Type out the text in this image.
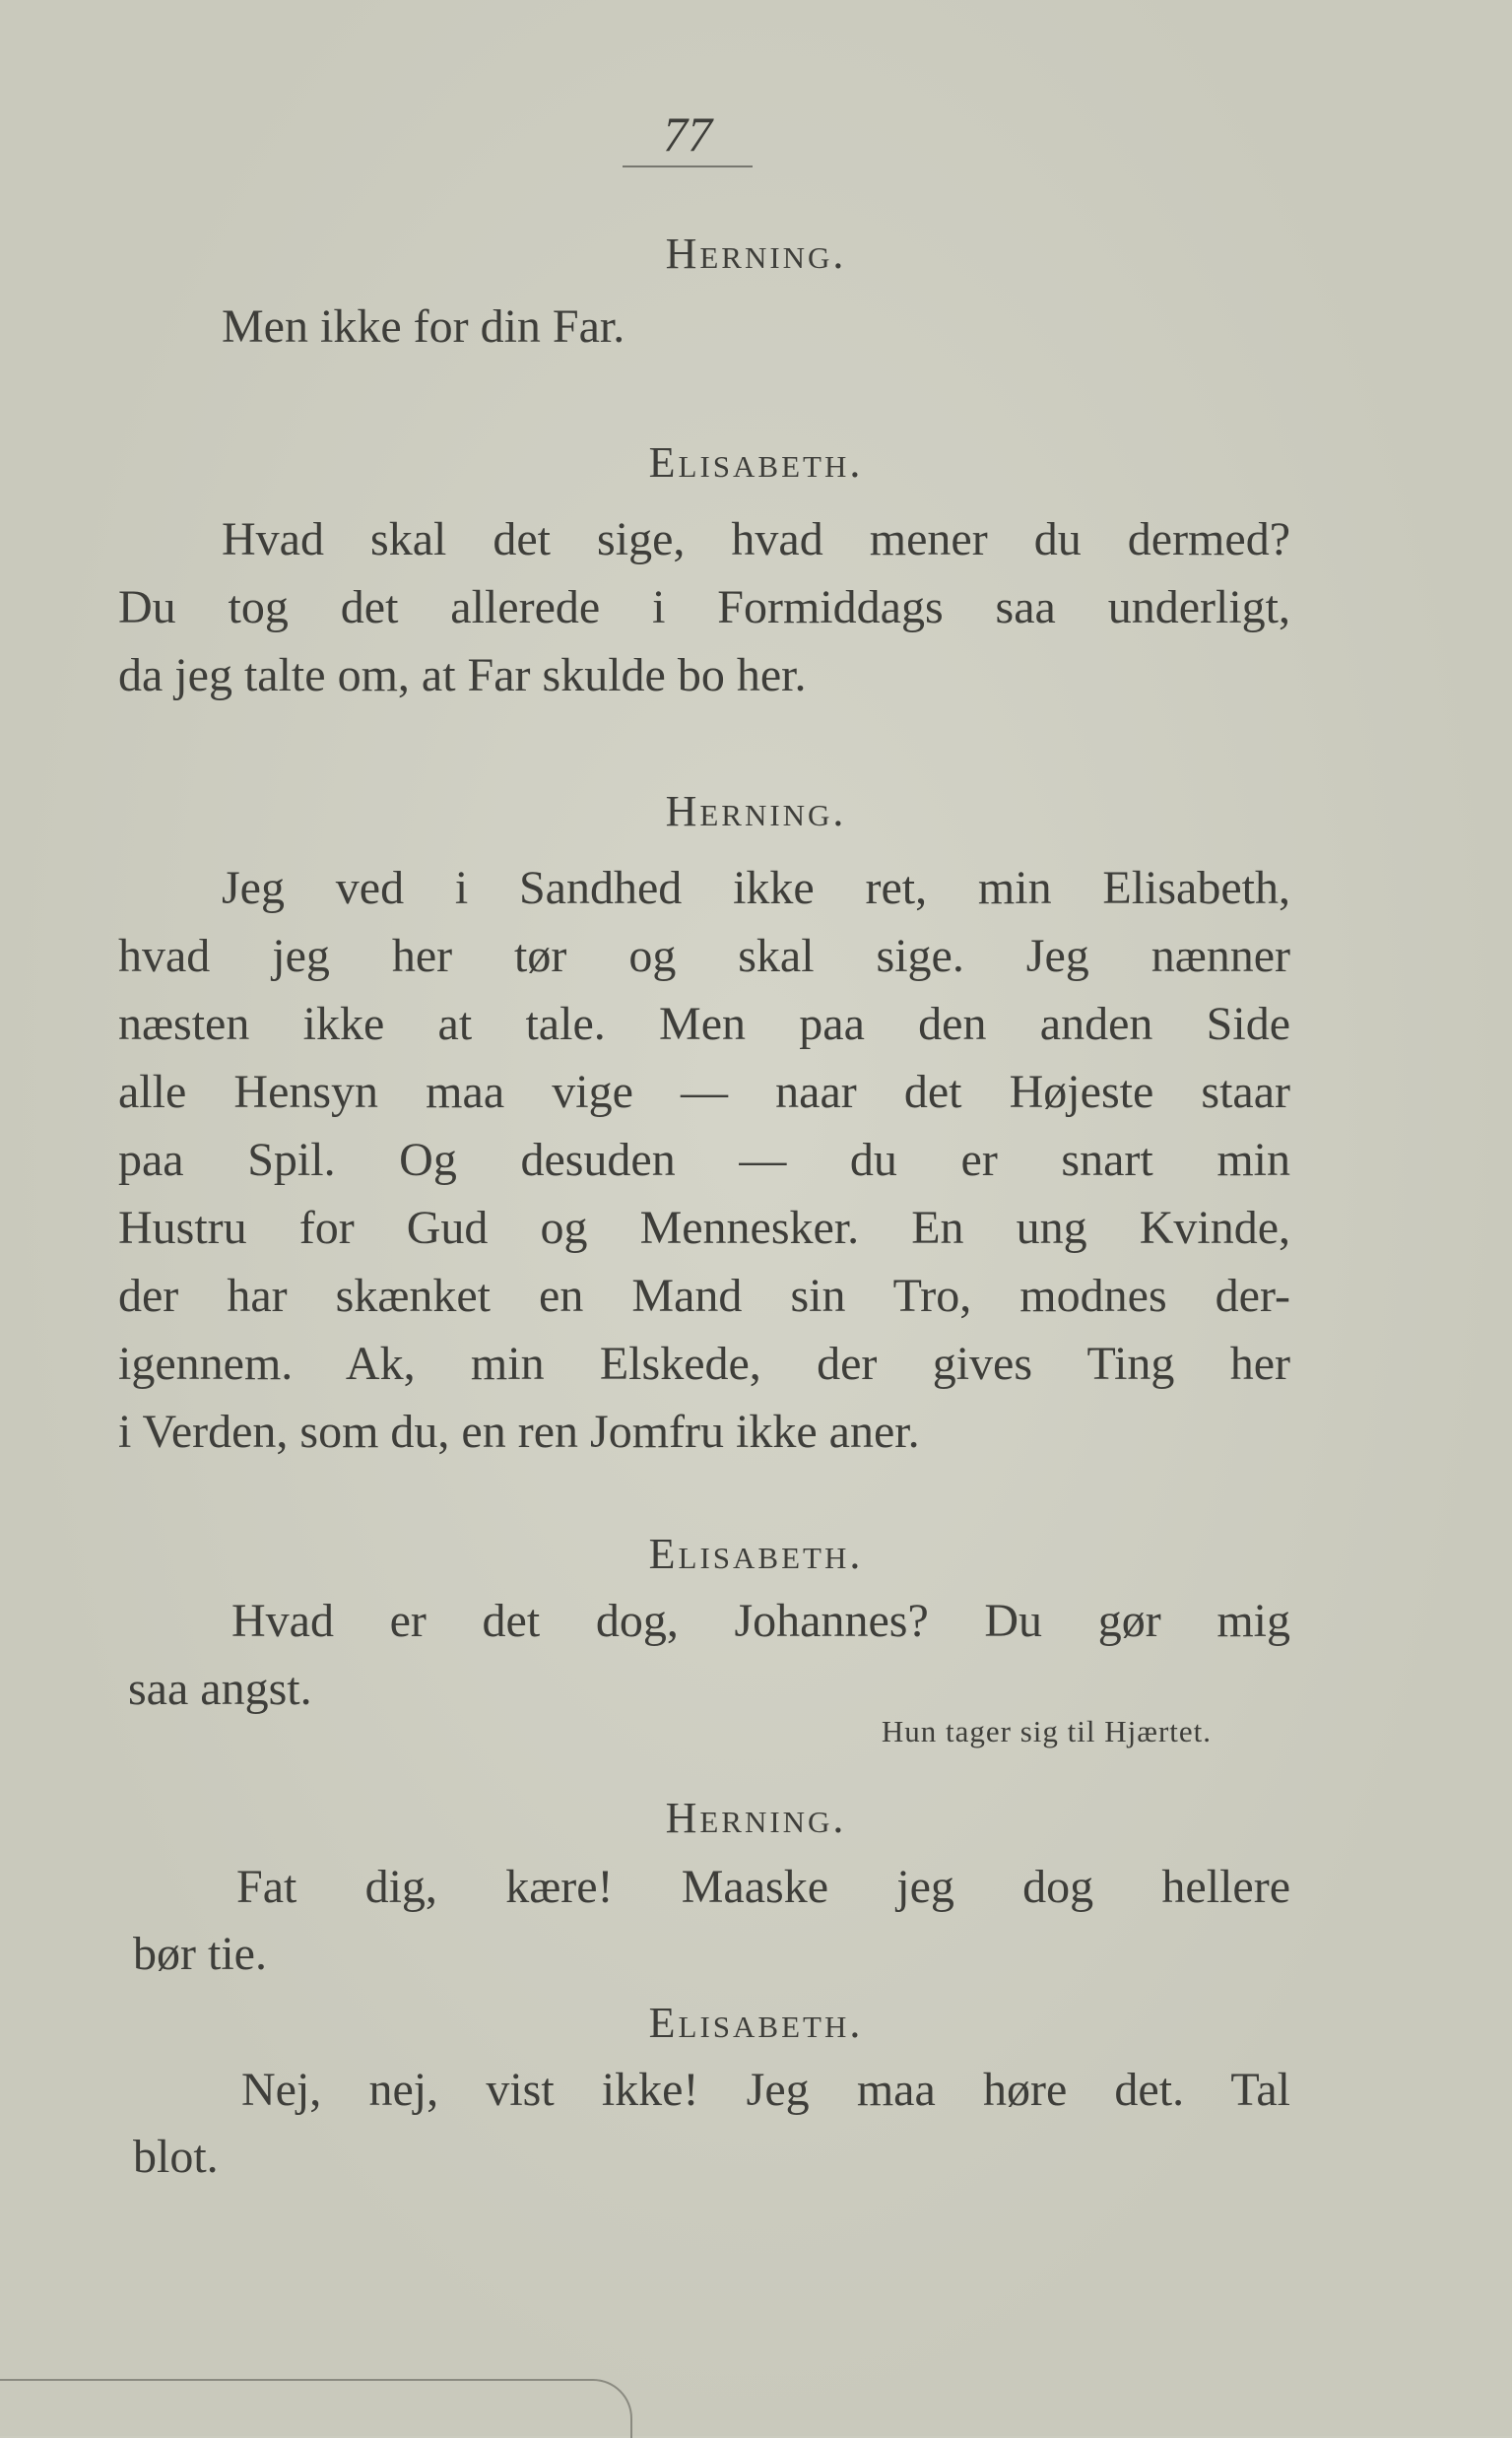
77
Herning.
Men ikke for din Far.
Elisabeth.
Hvad skal det sige, hvad mener du dermed?
Du tog det allerede i Formiddags saa underligt,
da jeg talte om, at Far skulde bo her.
Herning.
Jeg ved i Sandhed ikke ret, min Elisabeth,
hvad jeg her tør og skal sige. Jeg nænner
næsten ikke at tale. Men paa den anden Side
alle Hensyn maa vige — naar det Højeste staar
paa Spil. Og desuden — du er snart min
Hustru for Gud og Mennesker. En ung Kvinde,
der har skænket en Mand sin Tro, modnes der-
igennem. Ak, min Elskede, der gives Ting her
i Verden, som du, en ren Jomfru ikke aner.
Elisabeth.
Hvad er det dog, Johannes? Du gør mig
saa angst.
Hun tager sig til Hjærtet.
Herning.
Fat dig, kære! Maaske jeg dog hellere
bør tie.
Elisabeth.
Nej, nej, vist ikke! Jeg maa høre det. Tal
blot.
